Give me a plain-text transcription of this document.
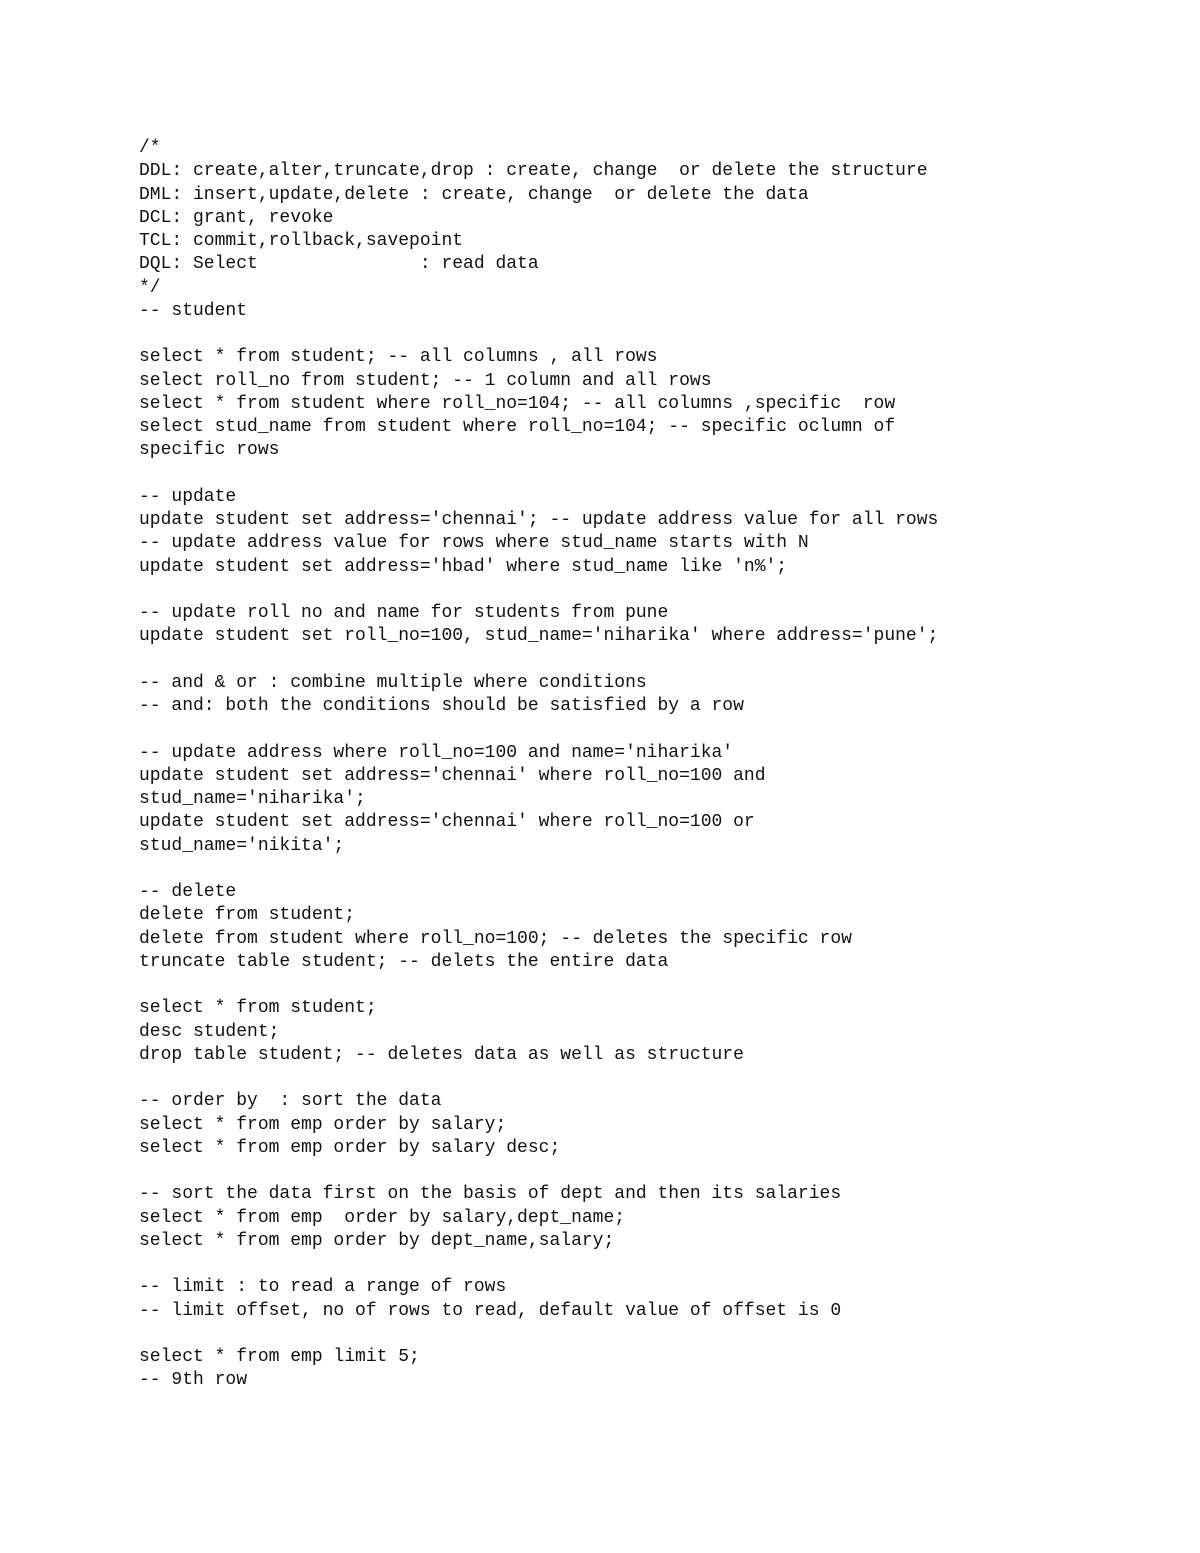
/*
DDL: create,alter,truncate,drop : create, change  or delete the structure
DML: insert,update,delete : create, change  or delete the data
DCL: grant, revoke
TCL: commit,rollback,savepoint
DQL: Select               : read data
*/
-- student

select * from student; -- all columns , all rows
select roll_no from student; -- 1 column and all rows
select * from student where roll_no=104; -- all columns ,specific  row
select stud_name from student where roll_no=104; -- specific oclumn of
specific rows

-- update
update student set address='chennai'; -- update address value for all rows
-- update address value for rows where stud_name starts with N
update student set address='hbad' where stud_name like 'n%';

-- update roll no and name for students from pune
update student set roll_no=100, stud_name='niharika' where address='pune';

-- and & or : combine multiple where conditions
-- and: both the conditions should be satisfied by a row

-- update address where roll_no=100 and name='niharika'
update student set address='chennai' where roll_no=100 and
stud_name='niharika';
update student set address='chennai' where roll_no=100 or
stud_name='nikita';

-- delete
delete from student;
delete from student where roll_no=100; -- deletes the specific row
truncate table student; -- delets the entire data

select * from student;
desc student;
drop table student; -- deletes data as well as structure

-- order by  : sort the data
select * from emp order by salary;
select * from emp order by salary desc;

-- sort the data first on the basis of dept and then its salaries
select * from emp  order by salary,dept_name;
select * from emp order by dept_name,salary;

-- limit : to read a range of rows
-- limit offset, no of rows to read, default value of offset is 0

select * from emp limit 5;
-- 9th row
